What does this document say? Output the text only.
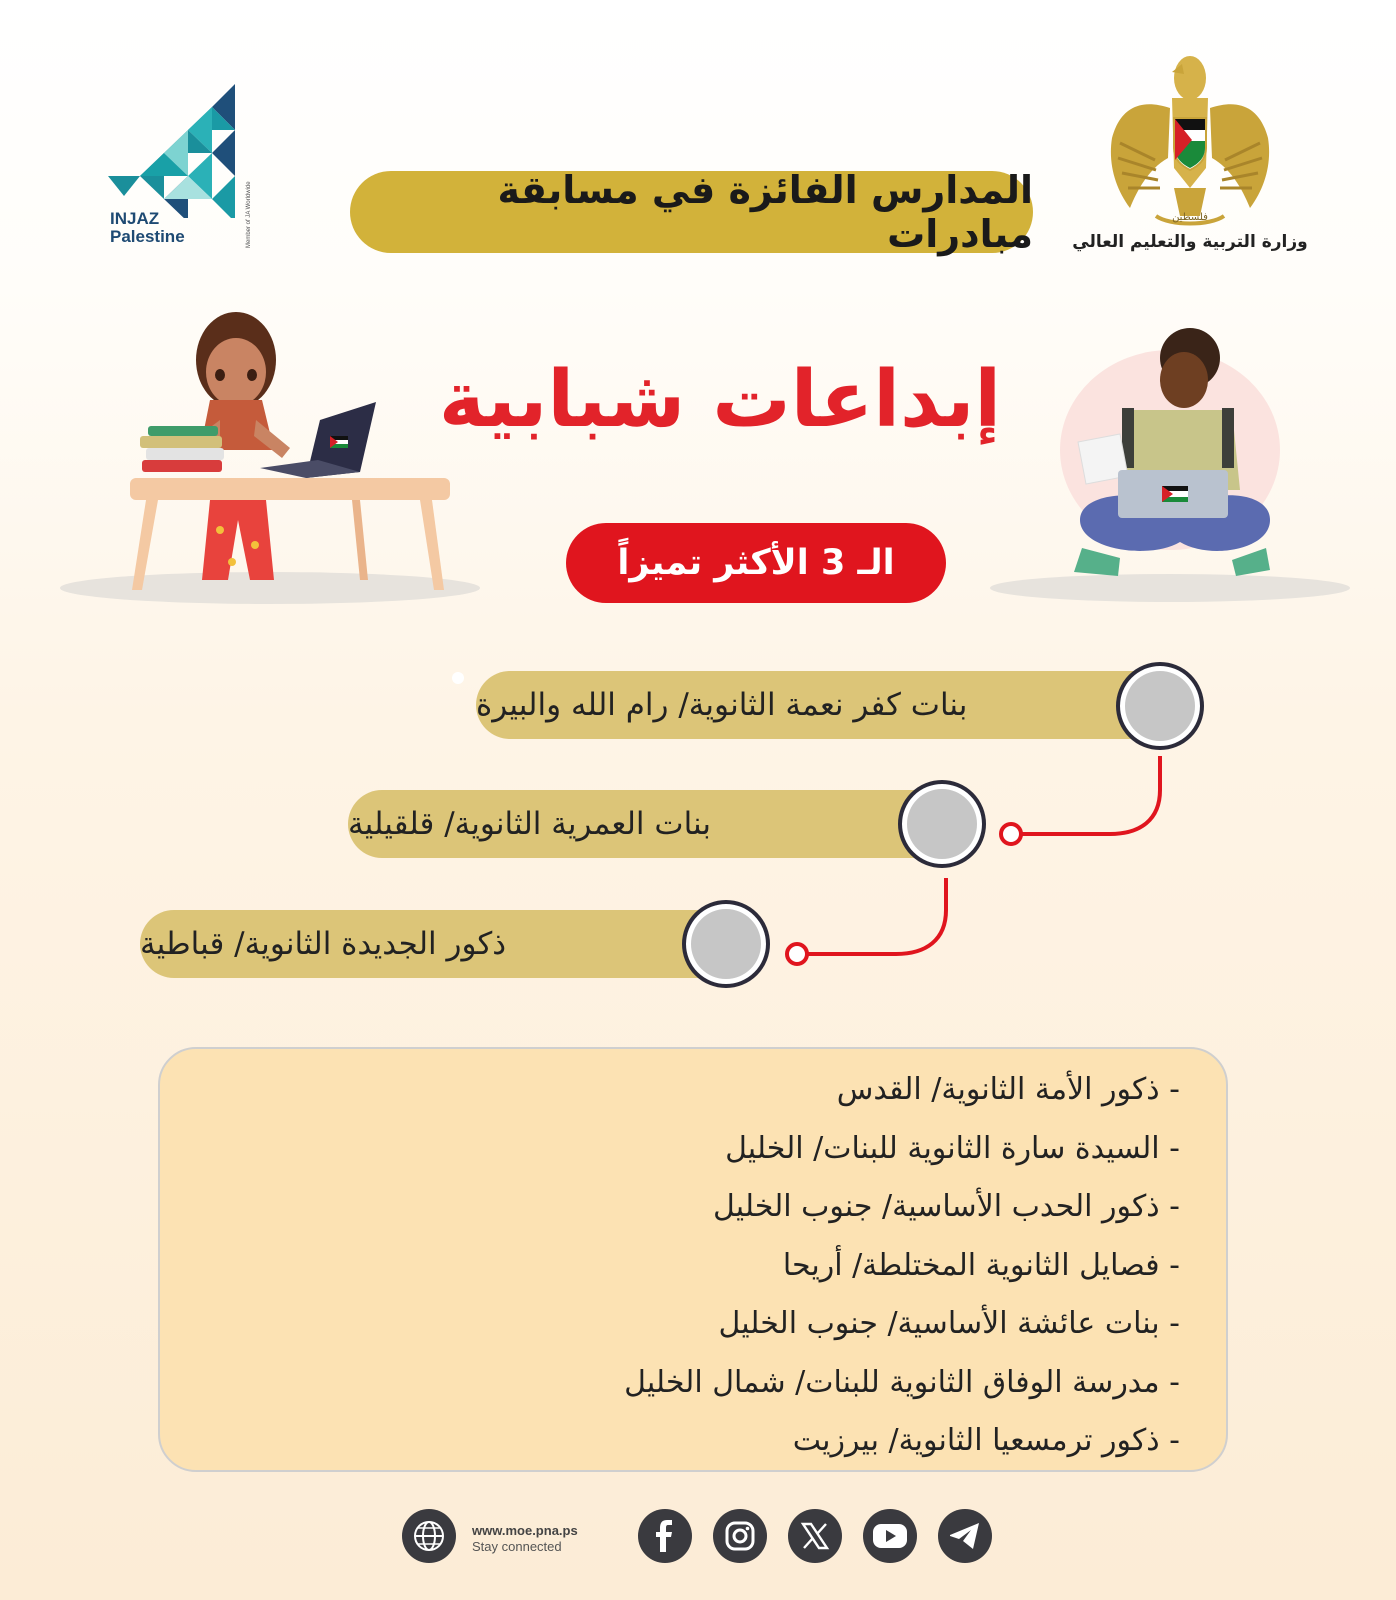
INJAZ
Palestine	Member of JA Worldwide	المدارس الفائزة في مسابقة مبادرات	فلسطين
وزارة التربية والتعليم العالي
إبداعات شبابية
الـ 3 الأكثر تميزاً
بنات كفر نعمة الثانوية/ رام الله والبيرة
بنات العمرية الثانوية/ قلقيلية
ذكور الجديدة الثانوية/ قباطية
- ذكور الأمة الثانوية/ القدس
- السيدة سارة الثانوية للبنات/ الخليل
- ذكور الحدب الأساسية/ جنوب الخليل
- فصايل الثانوية المختلطة/ أريحا
- بنات عائشة الأساسية/ جنوب الخليل
- مدرسة الوفاق الثانوية للبنات/ شمال الخليل
- ذكور ترمسعيا الثانوية/ بيرزيت
www.moe.pna.ps
Stay connected
